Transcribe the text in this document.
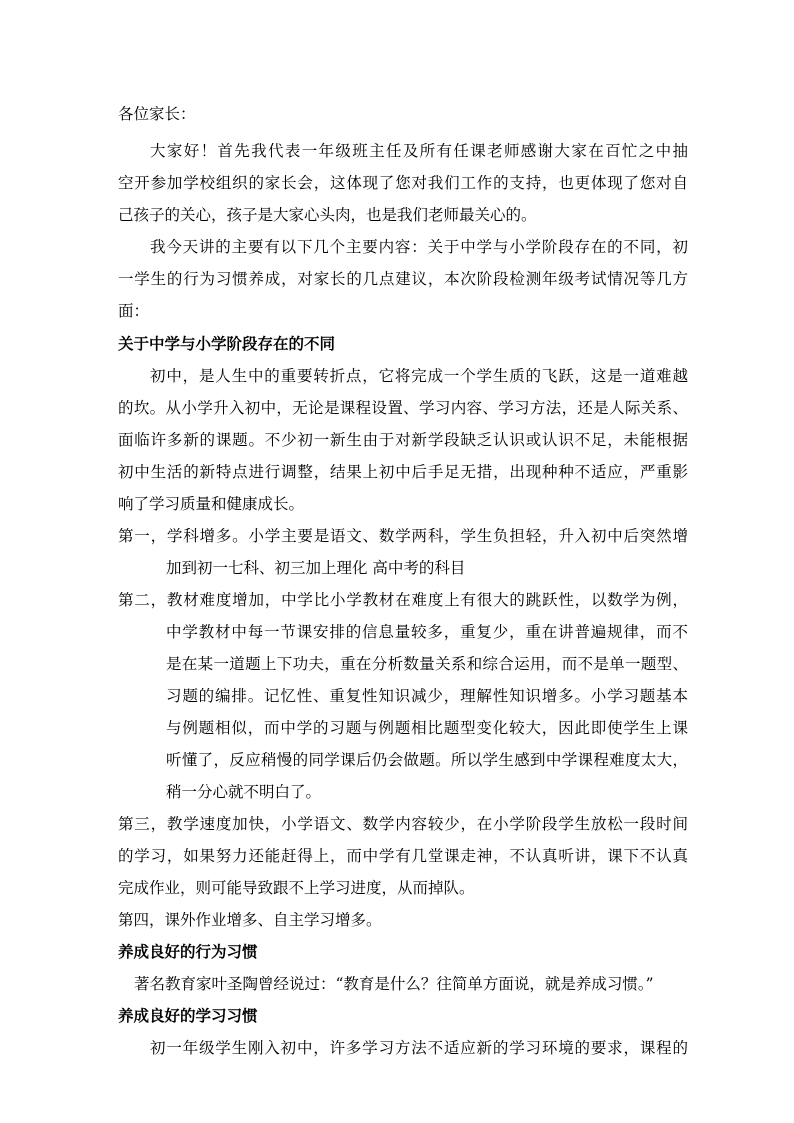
各位家长：
大家好！首先我代表一年级班主任及所有任课老师感谢大家在百忙之中抽
空开参加学校组织的家长会，这体现了您对我们工作的支持，也更体现了您对自
己孩子的关心，孩子是大家心头肉，也是我们老师最关心的。
我今天讲的主要有以下几个主要内容：关于中学与小学阶段存在的不同，初
一学生的行为习惯养成，对家长的几点建议，本次阶段检测年级考试情况等几方
面：
关于中学与小学阶段存在的不同
初中，是人生中的重要转折点，它将完成一个学生质的飞跃，这是一道难越
的坎。从小学升入初中，无论是课程设置、学习内容、学习方法，还是人际关系、
面临许多新的课题。不少初一新生由于对新学段缺乏认识或认识不足，未能根据
初中生活的新特点进行调整，结果上初中后手足无措，出现种种不适应，严重影
响了学习质量和健康成长。
第一，学科增多。小学主要是语文、数学两科，学生负担轻，升入初中后突然增
加到初一七科、初三加上理化 高中考的科目
第二，教材难度增加，中学比小学教材在难度上有很大的跳跃性，以数学为例，
中学教材中每一节课安排的信息量较多，重复少，重在讲普遍规律，而不
是在某一道题上下功夫，重在分析数量关系和综合运用，而不是单一题型、
习题的编排。记忆性、重复性知识减少，理解性知识增多。小学习题基本
与例题相似，而中学的习题与例题相比题型变化较大，因此即使学生上课
听懂了，反应稍慢的同学课后仍会做题。所以学生感到中学课程难度太大，
稍一分心就不明白了。
第三，教学速度加快，小学语文、数学内容较少，在小学阶段学生放松一段时间
的学习，如果努力还能赶得上，而中学有几堂课走神，不认真听讲，课下不认真
完成作业，则可能导致跟不上学习进度，从而掉队。
第四，课外作业增多、自主学习增多。
养成良好的行为习惯
著名教育家叶圣陶曾经说过：“教育是什么？往简单方面说，就是养成习惯。”
养成良好的学习习惯
初一年级学生刚入初中，许多学习方法不适应新的学习环境的要求，课程的
